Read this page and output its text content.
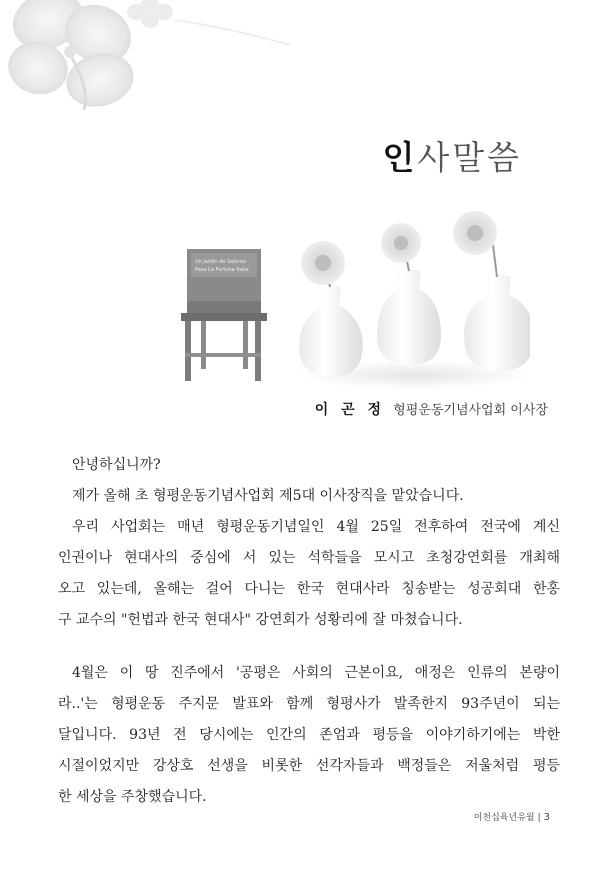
인사말씀
Un jardín de Salerno
Pasa La Fortuna Italia
이 곤 정 형평운동기념사업회 이사장

안녕하십니까?

제가 올해 초 형평운동기념사업회 제5대 이사장직을 맡았습니다.

우리 사업회는 매년 형평운동기념일인 4월 25일 전후하여 전국에 계신
인권이나 현대사의 중심에 서 있는 석학들을 모시고 초청강연회를 개최해
오고 있는데, 올해는 걸어 다니는 한국 현대사라 칭송받는 성공회대 한홍
구 교수의 "헌법과 한국 현대사" 강연회가 성황리에 잘 마쳤습니다.

4월은 이 땅 진주에서 '공평은 사회의 근본이요, 애정은 인류의 본량이
라..'는 형평운동 주지문 발표와 함께 형평사가 발족한지 93주년이 되는
달입니다. 93년 전 당시에는 인간의 존엄과 평등을 이야기하기에는 박한
시절이었지만 강상호 선생을 비롯한 선각자들과 백정들은 저울처럼 평등
한 세상을 주창했습니다.

이천십육년유월 | 3
